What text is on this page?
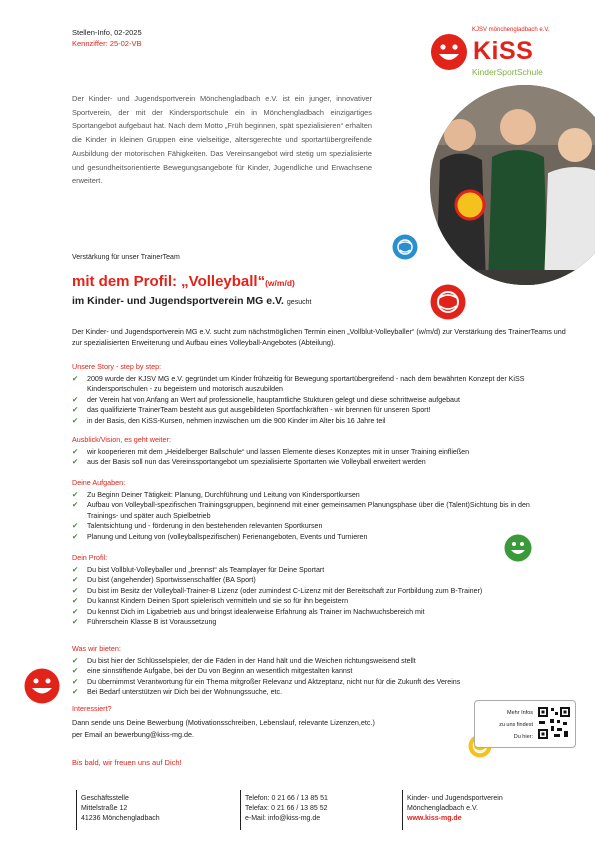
Stellen-Info, 02-2025
Kennziffer: 25-02-VB
KJSV mönchengladbach e.V.
KiSS
KinderSportSchule
Der Kinder- und Jugendsportverein Mönchengladbach e.V. ist ein junger, innovativer Sportverein, der mit der Kindersportschule ein in Mönchengladbach einzigartiges Sportangebot aufgebaut hat. Nach dem Motto „Früh beginnen, spät spezialisieren“ erhalten die Kinder in kleinen Gruppen eine vielseitige, altersgerechte und sportartübergreifende Ausbildung der motorischen Fähigkeiten. Das Vereinsangebot wird stetig um spezialisierte und gesundheitsorientierte Bewegungsangebote für Kinder, Jugendliche und Erwachsene erweitert.
Verstärkung für unser TrainerTeam
mit dem Profil: „Volleyball“(w/m/d)
im Kinder- und Jugendsportverein MG e.V. gesucht
Der Kinder- und Jugendsportverein MG e.V. sucht zum nächstmöglichen Termin einen „Vollblut-Volleyballer“ (w/m/d) zur Verstärkung des TrainerTeams und zur spezialisierten Erweiterung und Aufbau eines Volleyball-Angebotes (Abteilung).
Unsere Story - step by step:
✔ 2009 wurde der KJSV MG e.V. gegründet um Kinder frühzeitig für Bewegung sportartübergreifend - nach dem bewährten Konzept der KiSS Kindersportschulen - zu begeistern und motorisch auszubilden
✔ der Verein hat von Anfang an Wert auf professionelle, hauptamtliche Stukturen gelegt und diese schrittweise aufgebaut
✔ das qualifizierte TrainerTeam besteht aus gut ausgebildeten Sportfachkräften - wir brennen für unseren Sport!
✔ in der Basis, den KiSS-Kursen, nehmen inzwischen um die 900 Kinder im Alter bis 16 Jahre teil
Ausblick/Vision, es geht weiter:
✔ wir kooperieren mit dem „Heidelberger Ballschule“ und lassen Elemente dieses Konzeptes mit in unser Training einfließen
✔ aus der Basis soll nun das Vereinssportangebot um spezialisierte Sportarten wie Volleyball erweitert werden
Deine Aufgaben:
✔ Zu Beginn Deiner Tätigkeit: Planung, Durchführung und Leitung von Kindersportkursen
✔ Aufbau von Volleyball-spezifischen Trainingsgruppen, beginnend mit einer gemeinsamen Planungsphase über die (Talent)Sichtung bis in den Trainings- und später auch Spielbetrieb
✔ Talentsichtung und - förderung in den bestehenden relevanten Sportkursen
✔ Planung und Leitung von (volleyballspezifischen) Ferienangeboten, Events und Turnieren
Dein Profil:
✔ Du bist Vollblut-Volleyballer und „brennst“ als Teamplayer für Deine Sportart
✔ Du bist (angehender) Sportwissenschaftler (BA Sport)
✔ Du bist im Besitz der Volleyball-Trainer-B Lizenz (oder zumindest C-Lizenz mit der Bereitschaft zur Fortbildung zum B-Trainer)
✔ Du kannst Kindern Deinen Sport spielerisch vermitteln und sie so für ihn begeistern
✔ Du kennst Dich im Ligabetrieb aus und bringst idealerweise Erfahrung als Trainer im Nachwuchsbereich mit
✔ Führerschein Klasse B ist Voraussetzung
Was wir bieten:
✔ Du bist hier der Schlüsselspieler, der die Fäden in der Hand hält und die Weichen richtungsweisend stellt
✔ eine sinnstiftende Aufgabe, bei der Du von Beginn an wesentlich mitgestalten kannst
✔ Du übernimmst Verantwortung für ein Thema mitgroßer Relevanz und Aktzeptanz, nicht nur für die Zukunft des Vereins
✔ Bei Bedarf unterstützen wir Dich bei der Wohnungssuche, etc.
Interessiert?
Dann sende uns Deine Bewerbung (Motivationsschreiben, Lebenslauf, relevante Lizenzen,etc.)
per Email an bewerbung@kiss-mg.de.
Bis bald, wir freuen uns auf Dich!
Mehr Infos
zu uns findest
Du hier:
Geschäftsstelle
Mittelstraße 12
41236 Mönchengladbach
Telefon: 0 21 66 / 13 85 51
Telefax: 0 21 66 / 13 85 52
e-Mail: info@kiss-mg.de
Kinder- und Jugendsportverein
Mönchengladbach e.V.
www.kiss-mg.de
